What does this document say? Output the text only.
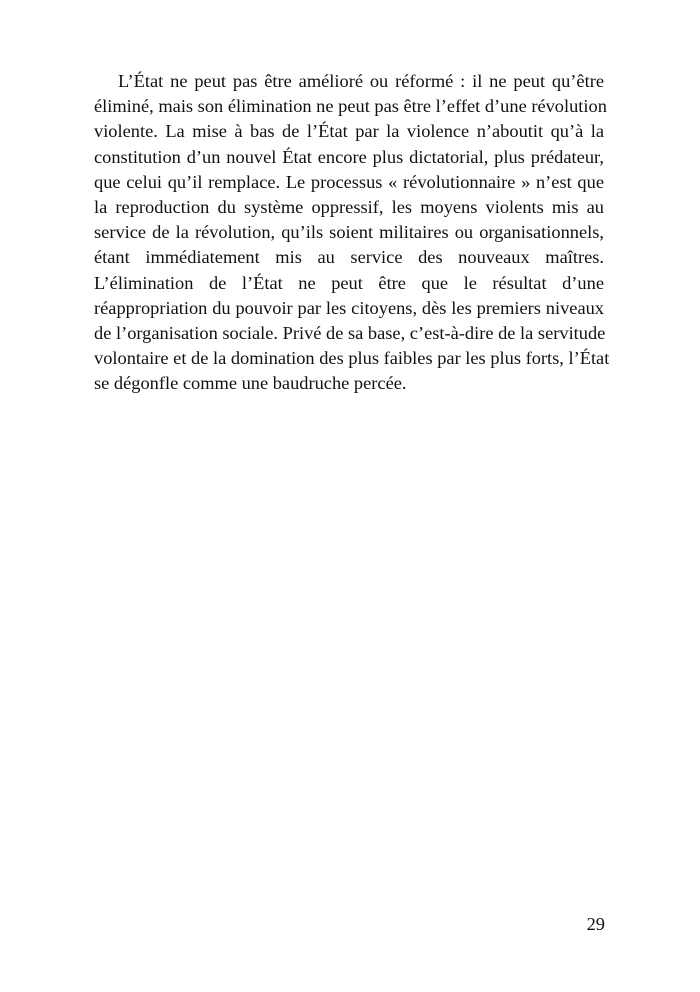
L’État ne peut pas être amélioré ou réformé : il ne peut qu’être
éliminé, mais son élimination ne peut pas être l’effet d’une révolution
violente. La mise à bas de l’État par la violence n’aboutit qu’à la
constitution d’un nouvel État encore plus dictatorial, plus prédateur,
que celui qu’il remplace. Le processus « révolutionnaire » n’est que
la reproduction du système oppressif, les moyens violents mis au
service de la révolution, qu’ils soient militaires ou organisationnels,
étant immédiatement mis au service des nouveaux maîtres.
L’élimination de l’État ne peut être que le résultat d’une
réappropriation du pouvoir par les citoyens, dès les premiers niveaux
de l’organisation sociale. Privé de sa base, c’est-à-dire de la servitude
volontaire et de la domination des plus faibles par les plus forts, l’État
se dégonfle comme une baudruche percée.
29
